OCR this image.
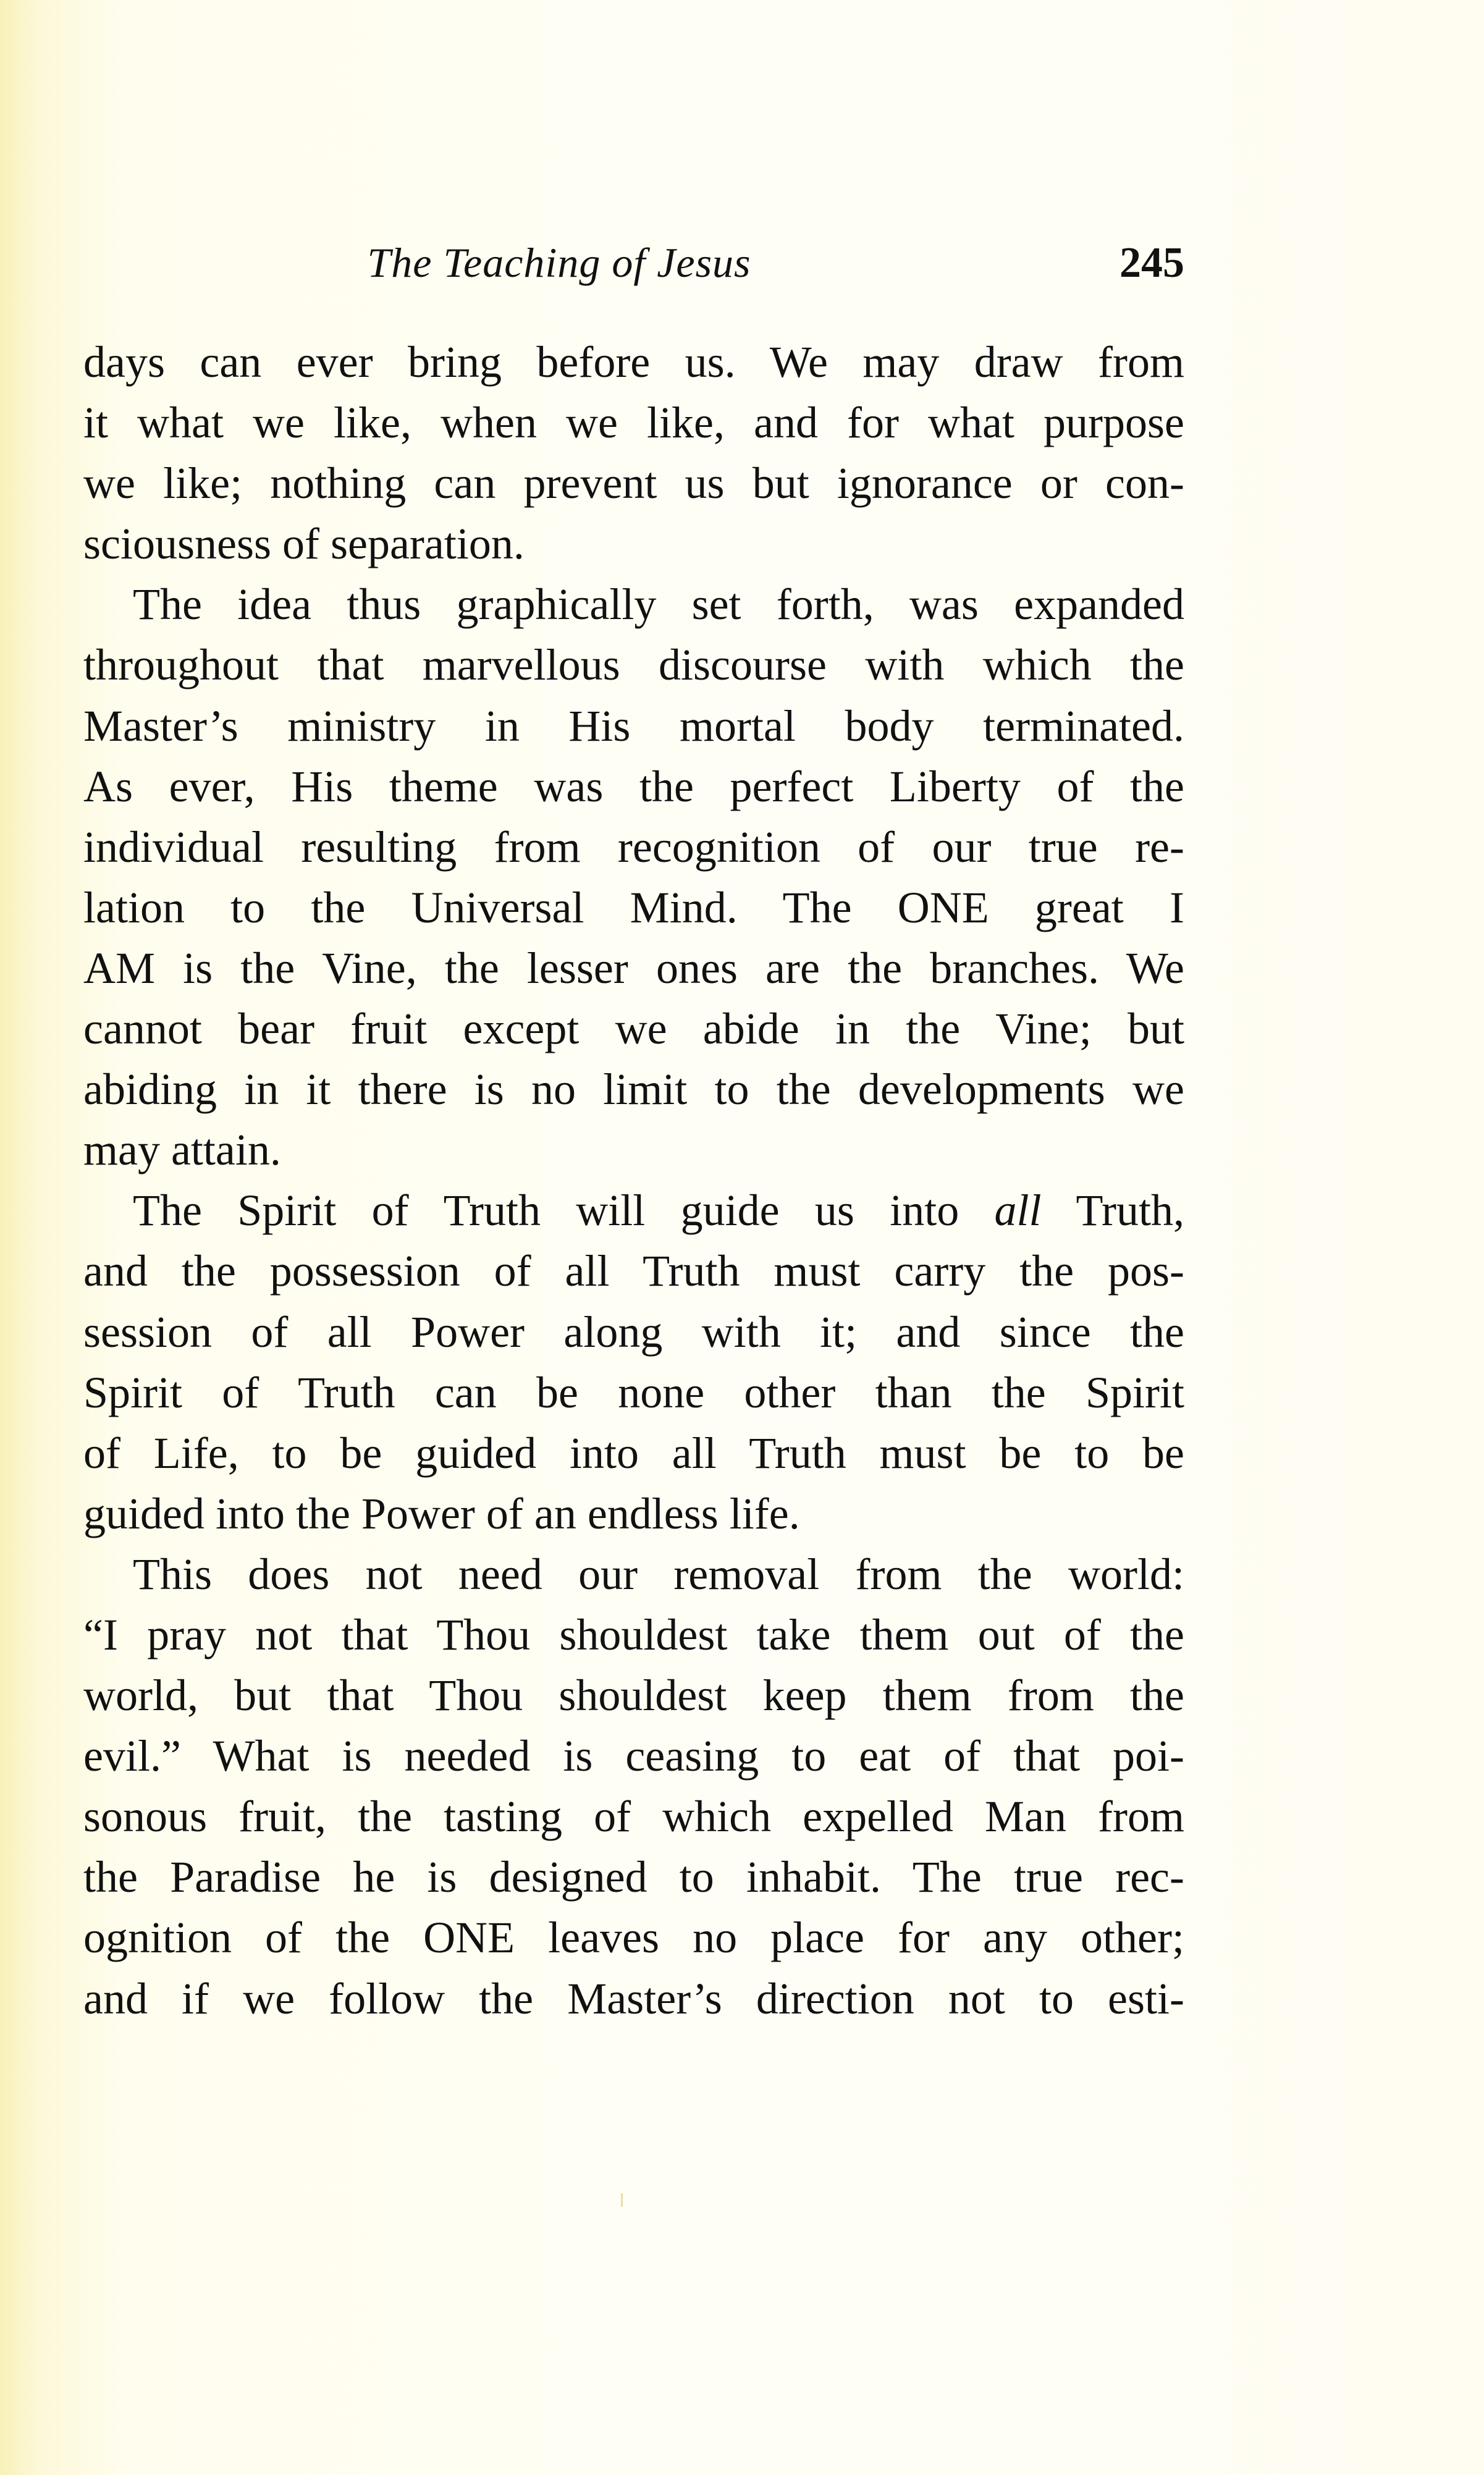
The Teaching of Jesus	245
days can ever bring before us. We may draw from
it what we like, when we like, and for what purpose
we like; nothing can prevent us but ignorance or con-
sciousness of separation.
The idea thus graphically set forth, was expanded
throughout that marvellous discourse with which the
Master’s ministry in His mortal body terminated.
As ever, His theme was the perfect Liberty of the
individual resulting from recognition of our true re-
lation to the Universal Mind. The ONE great I
AM is the Vine, the lesser ones are the branches. We
cannot bear fruit except we abide in the Vine; but
abiding in it there is no limit to the developments we
may attain.
The Spirit of Truth will guide us into all Truth,
and the possession of all Truth must carry the pos-
session of all Power along with it; and since the
Spirit of Truth can be none other than the Spirit
of Life, to be guided into all Truth must be to be
guided into the Power of an endless life.
This does not need our removal from the world:
“I pray not that Thou shouldest take them out of the
world, but that Thou shouldest keep them from the
evil.” What is needed is ceasing to eat of that poi-
sonous fruit, the tasting of which expelled Man from
the Paradise he is designed to inhabit. The true rec-
ognition of the ONE leaves no place for any other;
and if we follow the Master’s direction not to esti-
